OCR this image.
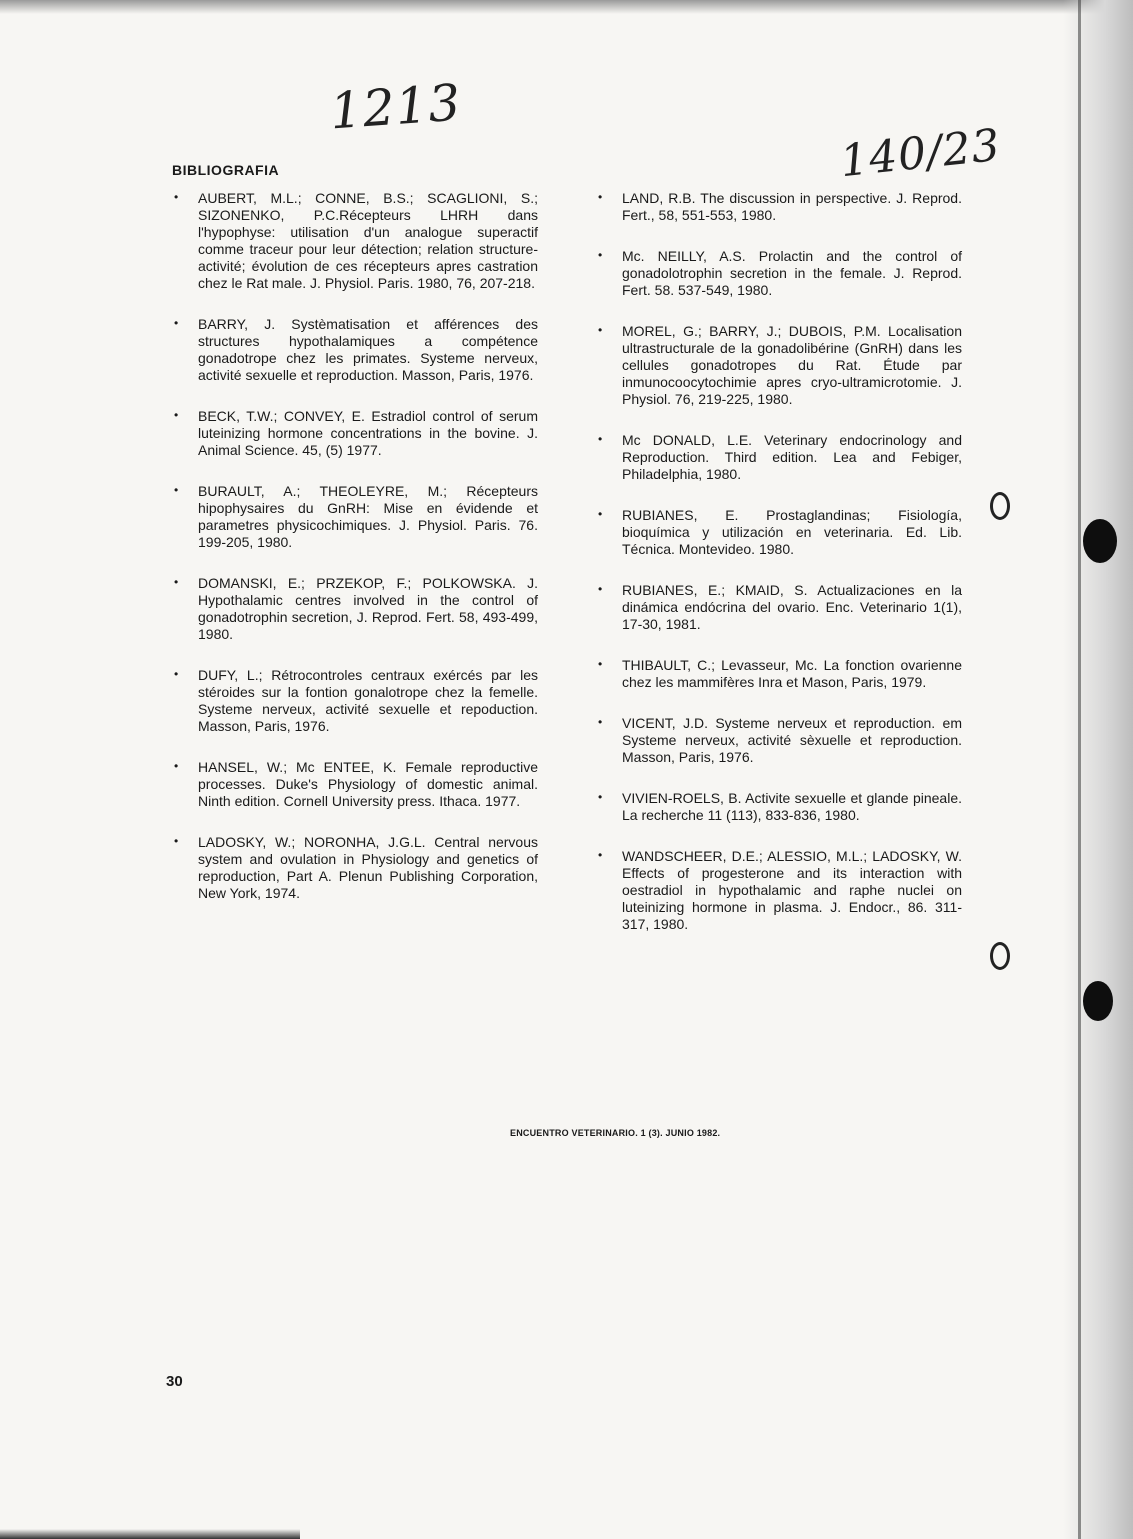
1213
140/23
BIBLIOGRAFIA

• AUBERT, M.L.; CONNE, B.S.; SCAGLIONI, S.; SIZONENKO, P.C.Récepteurs LHRH dans l'hypophyse: utilisation d'un analogue superactif comme traceur pour leur détection; relation structure-activité; évolution de ces récepteurs apres castration chez le Rat male. J. Physiol. Paris. 1980, 76, 207-218.

• BARRY, J. Systèmatisation et afférences des structures hypothalamiques a compétence gonadotrope chez les primates. Systeme nerveux, activité sexuelle et reproduction. Masson, Paris, 1976.

• BECK, T.W.; CONVEY, E. Estradiol control of serum luteinizing hormone concentrations in the bovine. J. Animal Science. 45, (5) 1977.

• BURAULT, A.; THEOLEYRE, M.; Récepteurs hipophysaires du GnRH: Mise en évidende et parametres physicochimiques. J. Physiol. Paris. 76. 199-205, 1980.

• DOMANSKI, E.; PRZEKOP, F.; POLKOWSKA. J. Hypothalamic centres involved in the control of gonadotrophin secretion, J. Reprod. Fert. 58, 493-499, 1980.

• DUFY, L.; Rétrocontroles centraux exércés par les stéroides sur la fontion gonalotrope chez la femelle. Systeme nerveux, activité sexuelle et repoduction. Masson, Paris, 1976.

• HANSEL, W.; Mc ENTEE, K. Female reproductive processes. Duke's Physiology of domestic animal. Ninth edition. Cornell University press. Ithaca. 1977.

• LADOSKY, W.; NORONHA, J.G.L. Central nervous system and ovulation in Physiology and genetics of reproduction, Part A. Plenun Publishing Corporation, New York, 1974.

• LAND, R.B. The discussion in perspective. J. Reprod. Fert., 58, 551-553, 1980.

• Mc. NEILLY, A.S. Prolactin and the control of gonadolotrophin secretion in the female. J. Reprod. Fert. 58. 537-549, 1980.

• MOREL, G.; BARRY, J.; DUBOIS, P.M. Localisation ultrastructurale de la gonadolibérine (GnRH) dans les cellules gonadotropes du Rat. Étude par inmunocoocytochimie apres cryo-ultramicrotomie. J. Physiol. 76, 219-225, 1980.

• Mc DONALD, L.E. Veterinary endocrinology and Reproduction. Third edition. Lea and Febiger, Philadelphia, 1980.

• RUBIANES, E. Prostaglandinas; Fisiología, bioquímica y utilización en veterinaria. Ed. Lib. Técnica. Montevideo. 1980.

• RUBIANES, E.; KMAID, S. Actualizaciones en la dinámica endócrina del ovario. Enc. Veterinario 1(1), 17-30, 1981.

• THIBAULT, C.; Levasseur, Mc. La fonction ovarienne chez les mammifères Inra et Mason, Paris, 1979.

• VICENT, J.D. Systeme nerveux et reproduction. em Systeme nerveux, activité sèxuelle et reproduction. Masson, Paris, 1976.

• VIVIEN-ROELS, B. Activite sexuelle et glande pineale. La recherche 11 (113), 833-836, 1980.

• WANDSCHEER, D.E.; ALESSIO, M.L.; LADOSKY, W. Effects of progesterone and its interaction with oestradiol in hypothalamic and raphe nuclei on luteinizing hormone in plasma. J. Endocr., 86. 311-317, 1980.

ENCUENTRO VETERINARIO. 1 (3). JUNIO 1982.
30
